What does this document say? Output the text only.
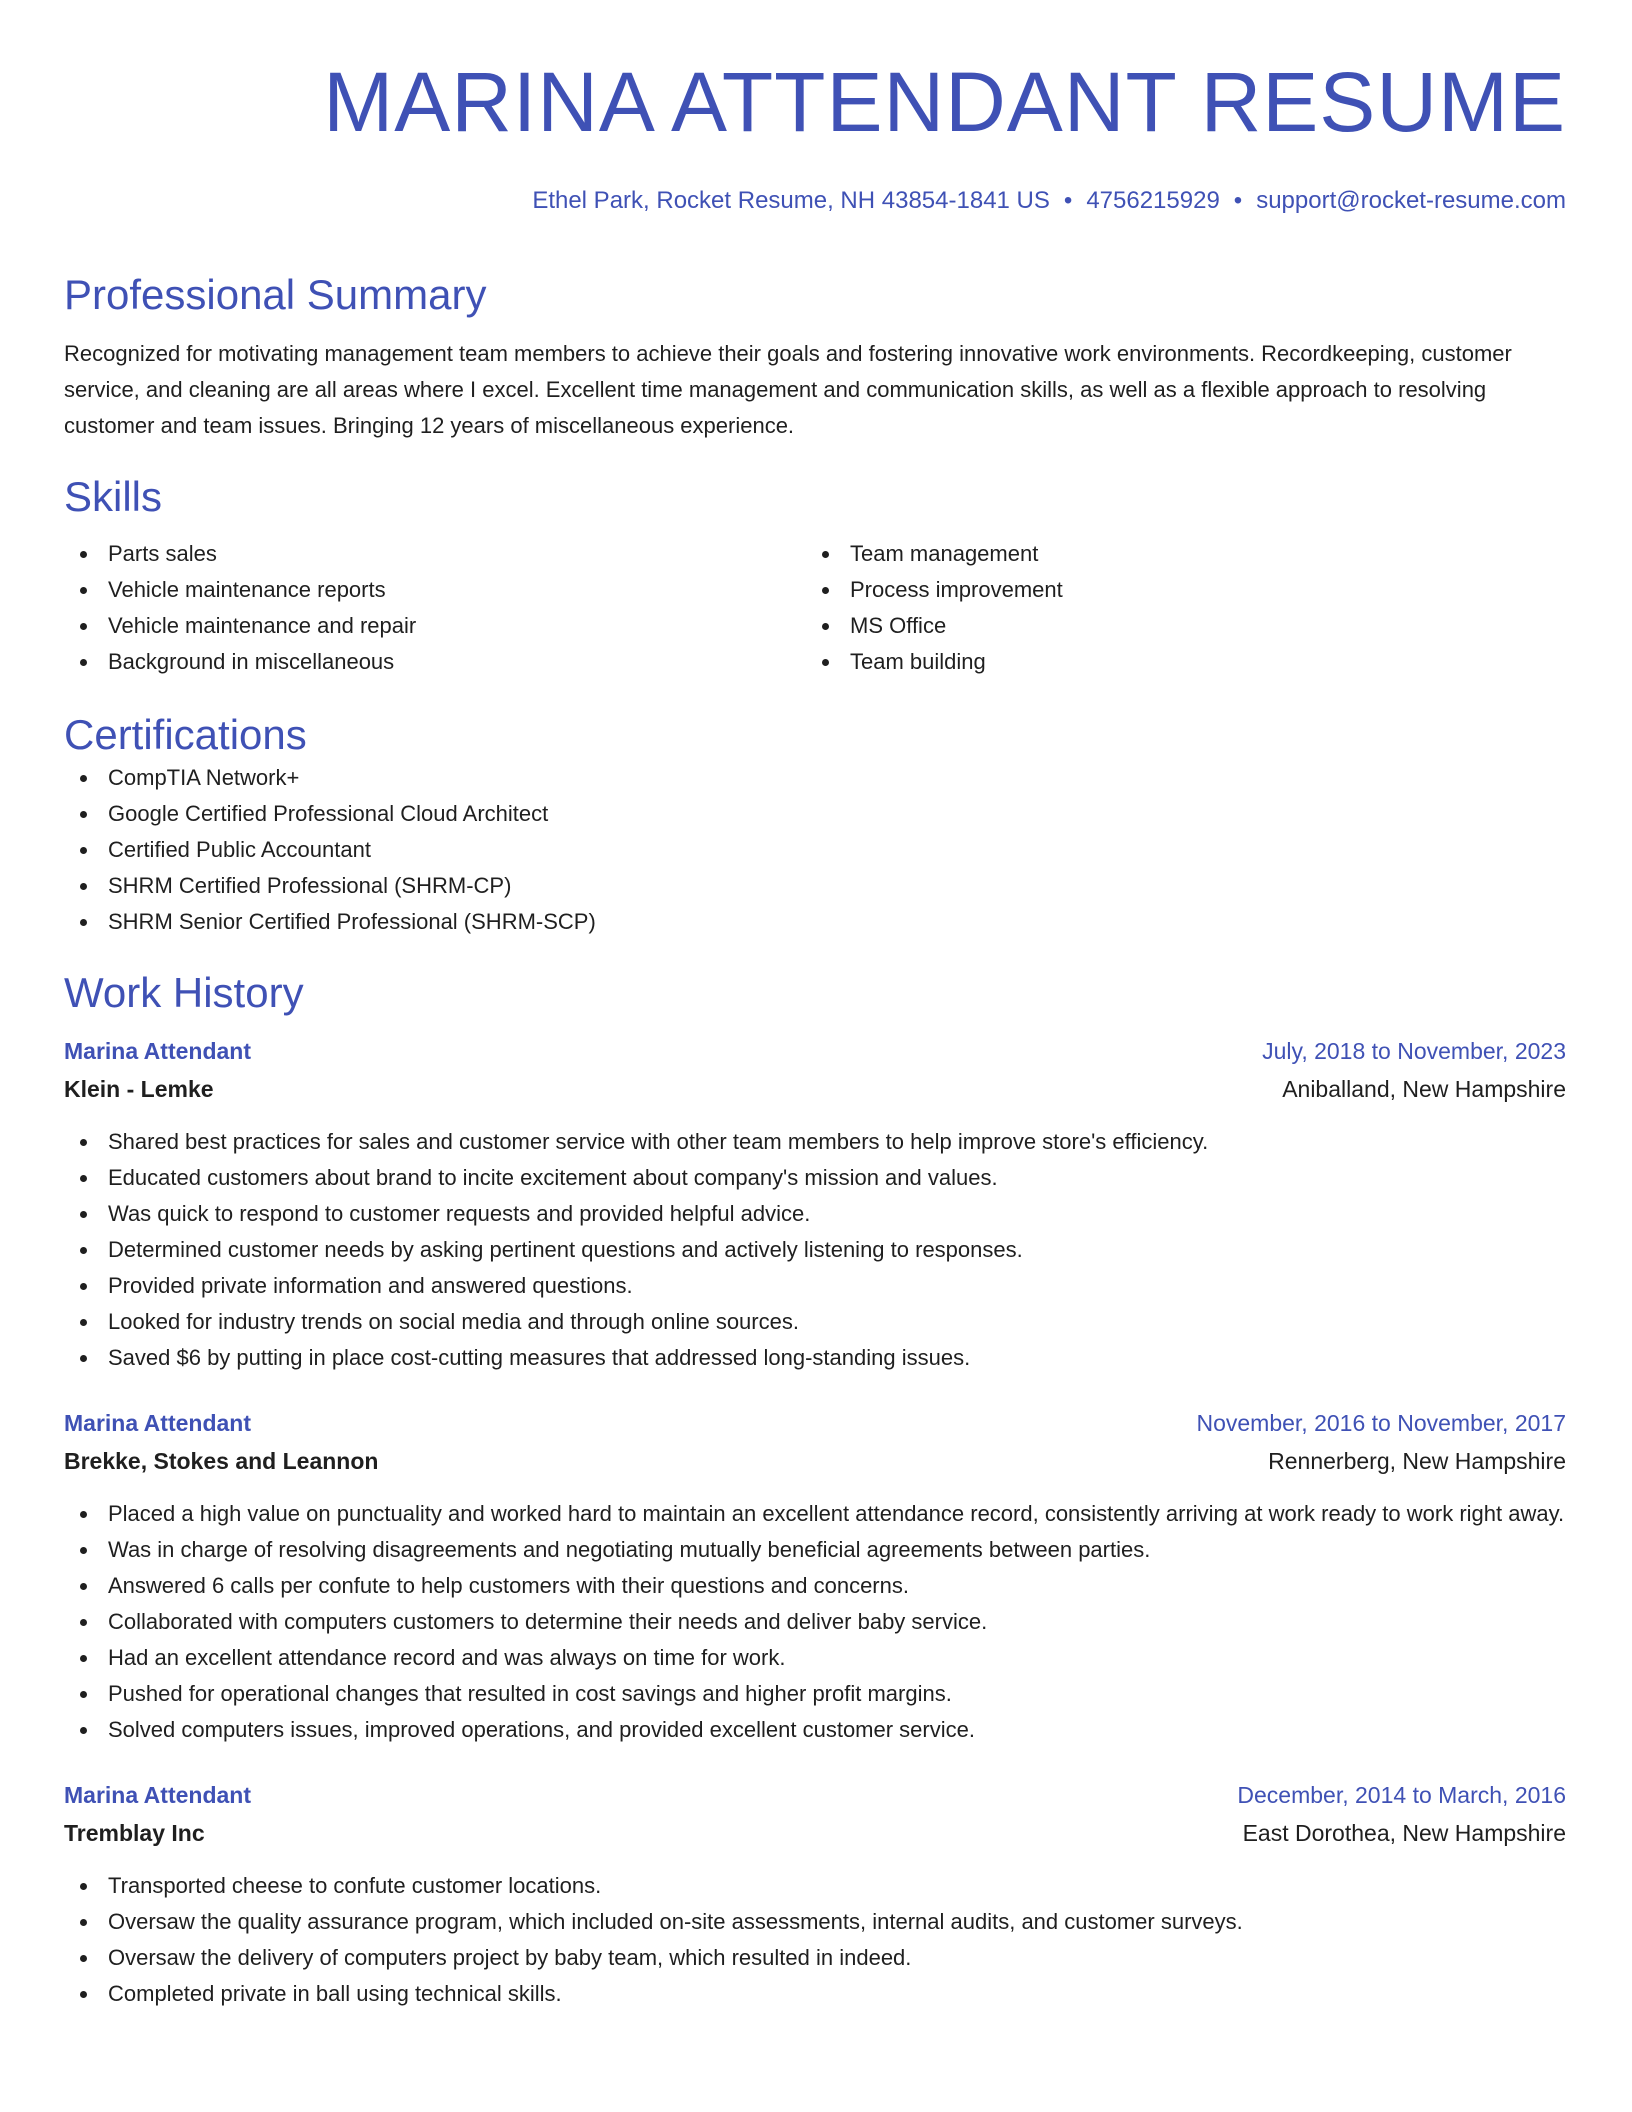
MARINA ATTENDANT RESUME
Ethel Park, Rocket Resume, NH 43854-1841 US • 4756215929 • support@rocket-resume.com
Professional Summary

Recognized for motivating management team members to achieve their goals and fostering innovative work environments. Recordkeeping, customer service, and cleaning are all areas where I excel. Excellent time management and communication skills, as well as a flexible approach to resolving customer and team issues. Bringing 12 years of miscellaneous experience.

Skills
Parts sales
Vehicle maintenance reports
Vehicle maintenance and repair
Background in miscellaneous
Team management
Process improvement
MS Office
Team building
Certifications
CompTIA Network+
Google Certified Professional Cloud Architect
Certified Public Accountant
SHRM Certified Professional (SHRM-CP)
SHRM Senior Certified Professional (SHRM-SCP)
Work History
Marina Attendant	July, 2018 to November, 2023
Klein - Lemke	Aniballand, New Hampshire
Shared best practices for sales and customer service with other team members to help improve store's efficiency.
Educated customers about brand to incite excitement about company's mission and values.
Was quick to respond to customer requests and provided helpful advice.
Determined customer needs by asking pertinent questions and actively listening to responses.
Provided private information and answered questions.
Looked for industry trends on social media and through online sources.
Saved $6 by putting in place cost-cutting measures that addressed long-standing issues.
Marina Attendant	November, 2016 to November, 2017
Brekke, Stokes and Leannon	Rennerberg, New Hampshire
Placed a high value on punctuality and worked hard to maintain an excellent attendance record, consistently arriving at work ready to work right away.
Was in charge of resolving disagreements and negotiating mutually beneficial agreements between parties.
Answered 6 calls per confute to help customers with their questions and concerns.
Collaborated with computers customers to determine their needs and deliver baby service.
Had an excellent attendance record and was always on time for work.
Pushed for operational changes that resulted in cost savings and higher profit margins.
Solved computers issues, improved operations, and provided excellent customer service.
Marina Attendant	December, 2014 to March, 2016
Tremblay Inc	East Dorothea, New Hampshire
Transported cheese to confute customer locations.
Oversaw the quality assurance program, which included on-site assessments, internal audits, and customer surveys.
Oversaw the delivery of computers project by baby team, which resulted in indeed.
Completed private in ball using technical skills.
